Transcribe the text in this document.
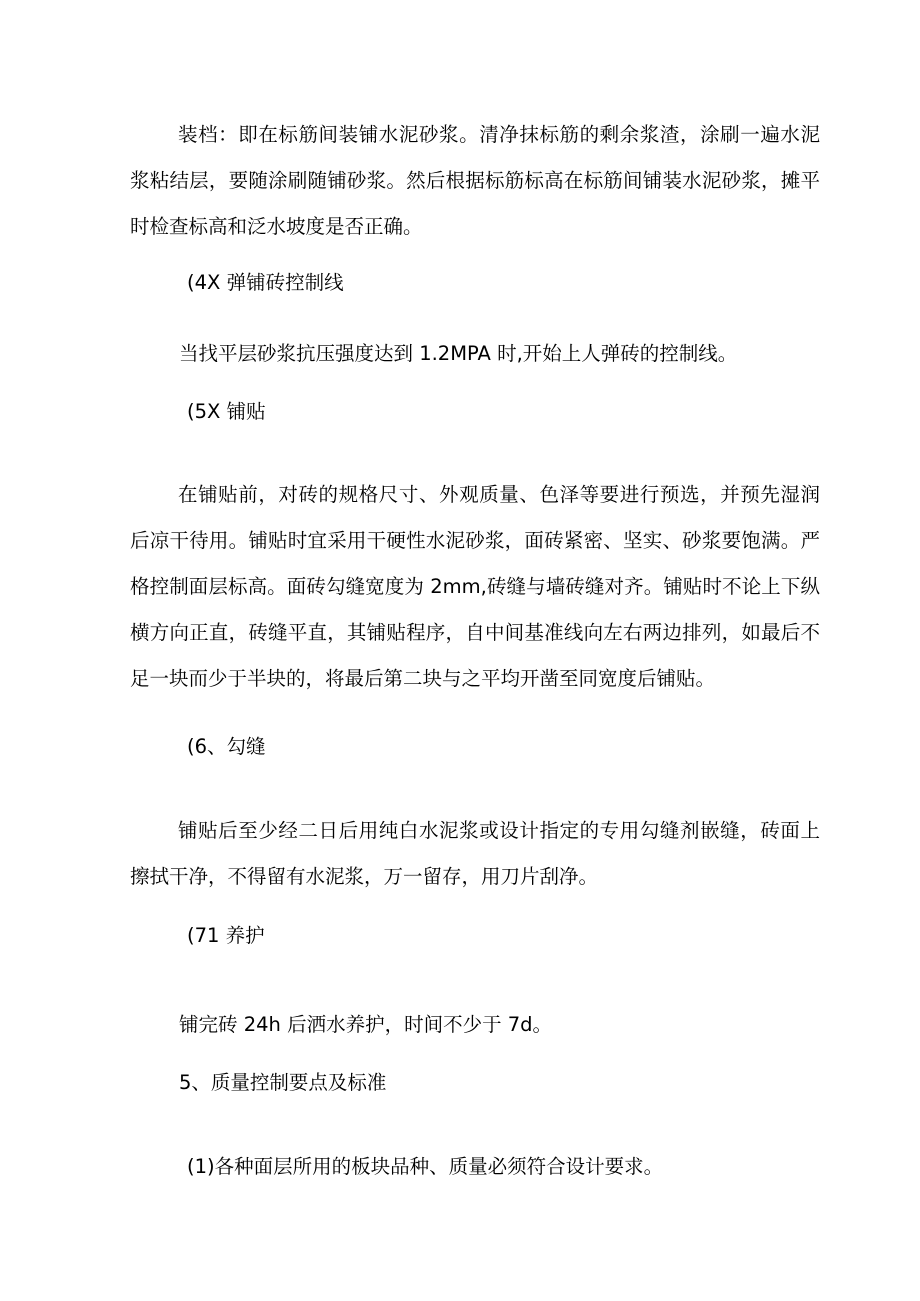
装档：即在标筋间装铺水泥砂浆。清净抹标筋的剩余浆渣，涂刷一遍水泥浆粘结层，要随涂刷随铺砂浆。然后根据标筋标高在标筋间铺装水泥砂浆，摊平时检查标高和泛水坡度是否正确。

(4X 弹铺砖控制线

当找平层砂浆抗压强度达到 1.2MPA 时,开始上人弹砖的控制线。

(5X 铺贴

在铺贴前，对砖的规格尺寸、外观质量、色泽等要进行预选，并预先湿润后凉干待用。铺贴时宜采用干硬性水泥砂浆，面砖紧密、坚实、砂浆要饱满。严格控制面层标高。面砖勾缝宽度为 2mm,砖缝与墙砖缝对齐。铺贴时不论上下纵横方向正直，砖缝平直，其铺贴程序，自中间基准线向左右两边排列，如最后不足一块而少于半块的，将最后第二块与之平均开凿至同宽度后铺贴。

(6、勾缝

铺贴后至少经二日后用纯白水泥浆或设计指定的专用勾缝剂嵌缝，砖面上擦拭干净，不得留有水泥浆，万一留存，用刀片刮净。

(71 养护

铺完砖 24h 后洒水养护，时间不少于 7d。

5、质量控制要点及标准

(1)各种面层所用的板块品种、质量必须符合设计要求。
